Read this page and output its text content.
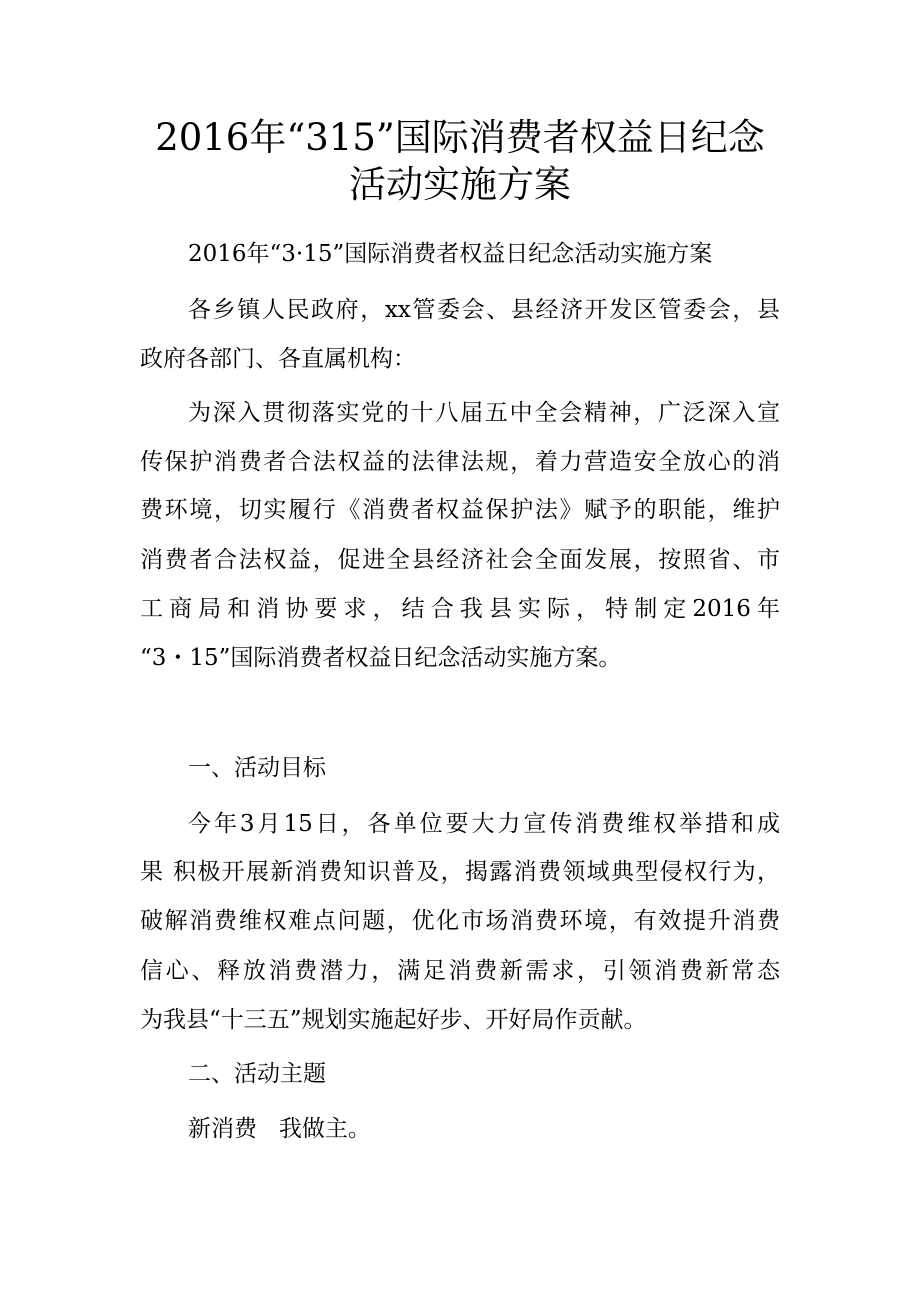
2016年“315”国际消费者权益日纪念
活动实施方案

2016年“3·15”国际消费者权益日纪念活动实施方案

各乡镇人民政府，xx管委会、县经济开发区管委会，县

政府各部门、各直属机构：

为深入贯彻落实党的十八届五中全会精神，广泛深入宣

传保护消费者合法权益的法律法规，着力营造安全放心的消

费环境，切实履行《消费者权益保护法》赋予的职能，维护

消费者合法权益，促进全县经济社会全面发展，按照省、市

工商局和消协要求，结合我县实际，特制定2016年

“3・15”国际消费者权益日纪念活动实施方案。

一、活动目标

今年3月15日，各单位要大力宣传消费维权举措和成

果 积极开展新消费知识普及，揭露消费领域典型侵权行为，

破解消费维权难点问题，优化市场消费环境，有效提升消费

信心、释放消费潜力，满足消费新需求，引领消费新常态

为我县“十三五”规划实施起好步、开好局作贡献。

二、活动主题

新消费   我做主。
